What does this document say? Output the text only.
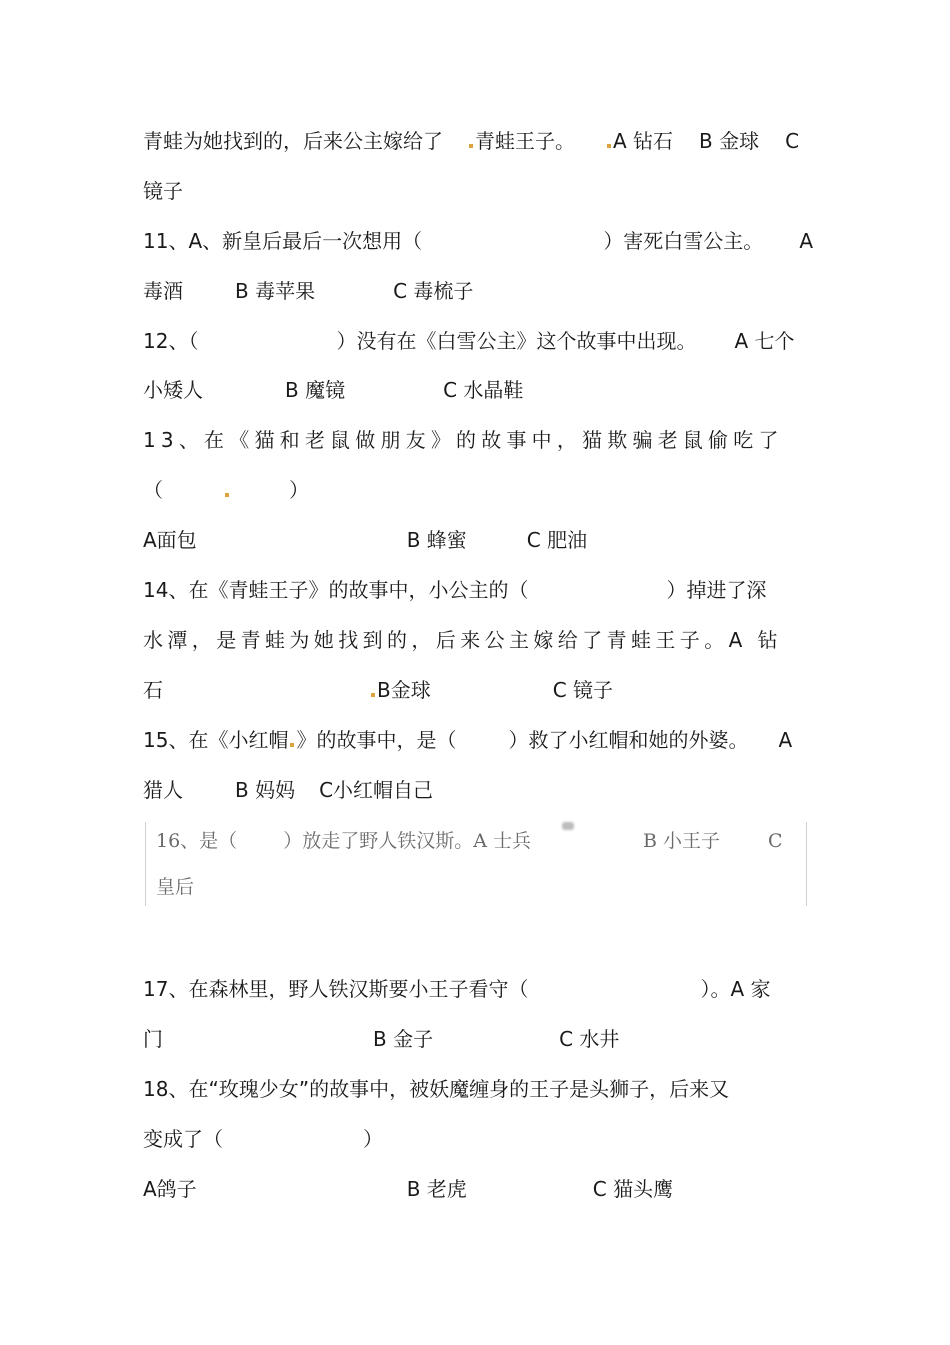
青蛙为她找到的，后来公主嫁给了 青蛙王子。 A 钻石 B 金球 C
镜子
11、A、新皇后最后一次想用（	）害死白雪公主。 A
毒酒	B 毒苹果	C 毒梳子
12、（	）没有在《白雪公主》这个故事中出现。 A 七个
小矮人	B 魔镜	C 水晶鞋
13、在《猫和老鼠做朋友》的故事中，猫欺骗老鼠偷吃了
（	）
A面包	B 蜂蜜	C 肥油
14、在《青蛙王子》的故事中，小公主的（	）掉进了深
水潭，是青蛙为她找到的，后来公主嫁给了青蛙王子。A 钻
石	B金球	C 镜子
15、在《小红帽 》的故事中，是（	）救了小红帽和她的外婆。 A
猎人	B 妈妈 C小红帽自己
16、是（ ）放走了野人铁汉斯。A 士兵	B 小王子	C
皇后
17、在森林里，野人铁汉斯要小王子看守（	）。A 家
门	B 金子	C 水井
18、在“玫瑰少女”的故事中，被妖魔缠身的王子是头狮子，后来又
变成了（	）
A鸽子	B 老虎	C 猫头鹰
